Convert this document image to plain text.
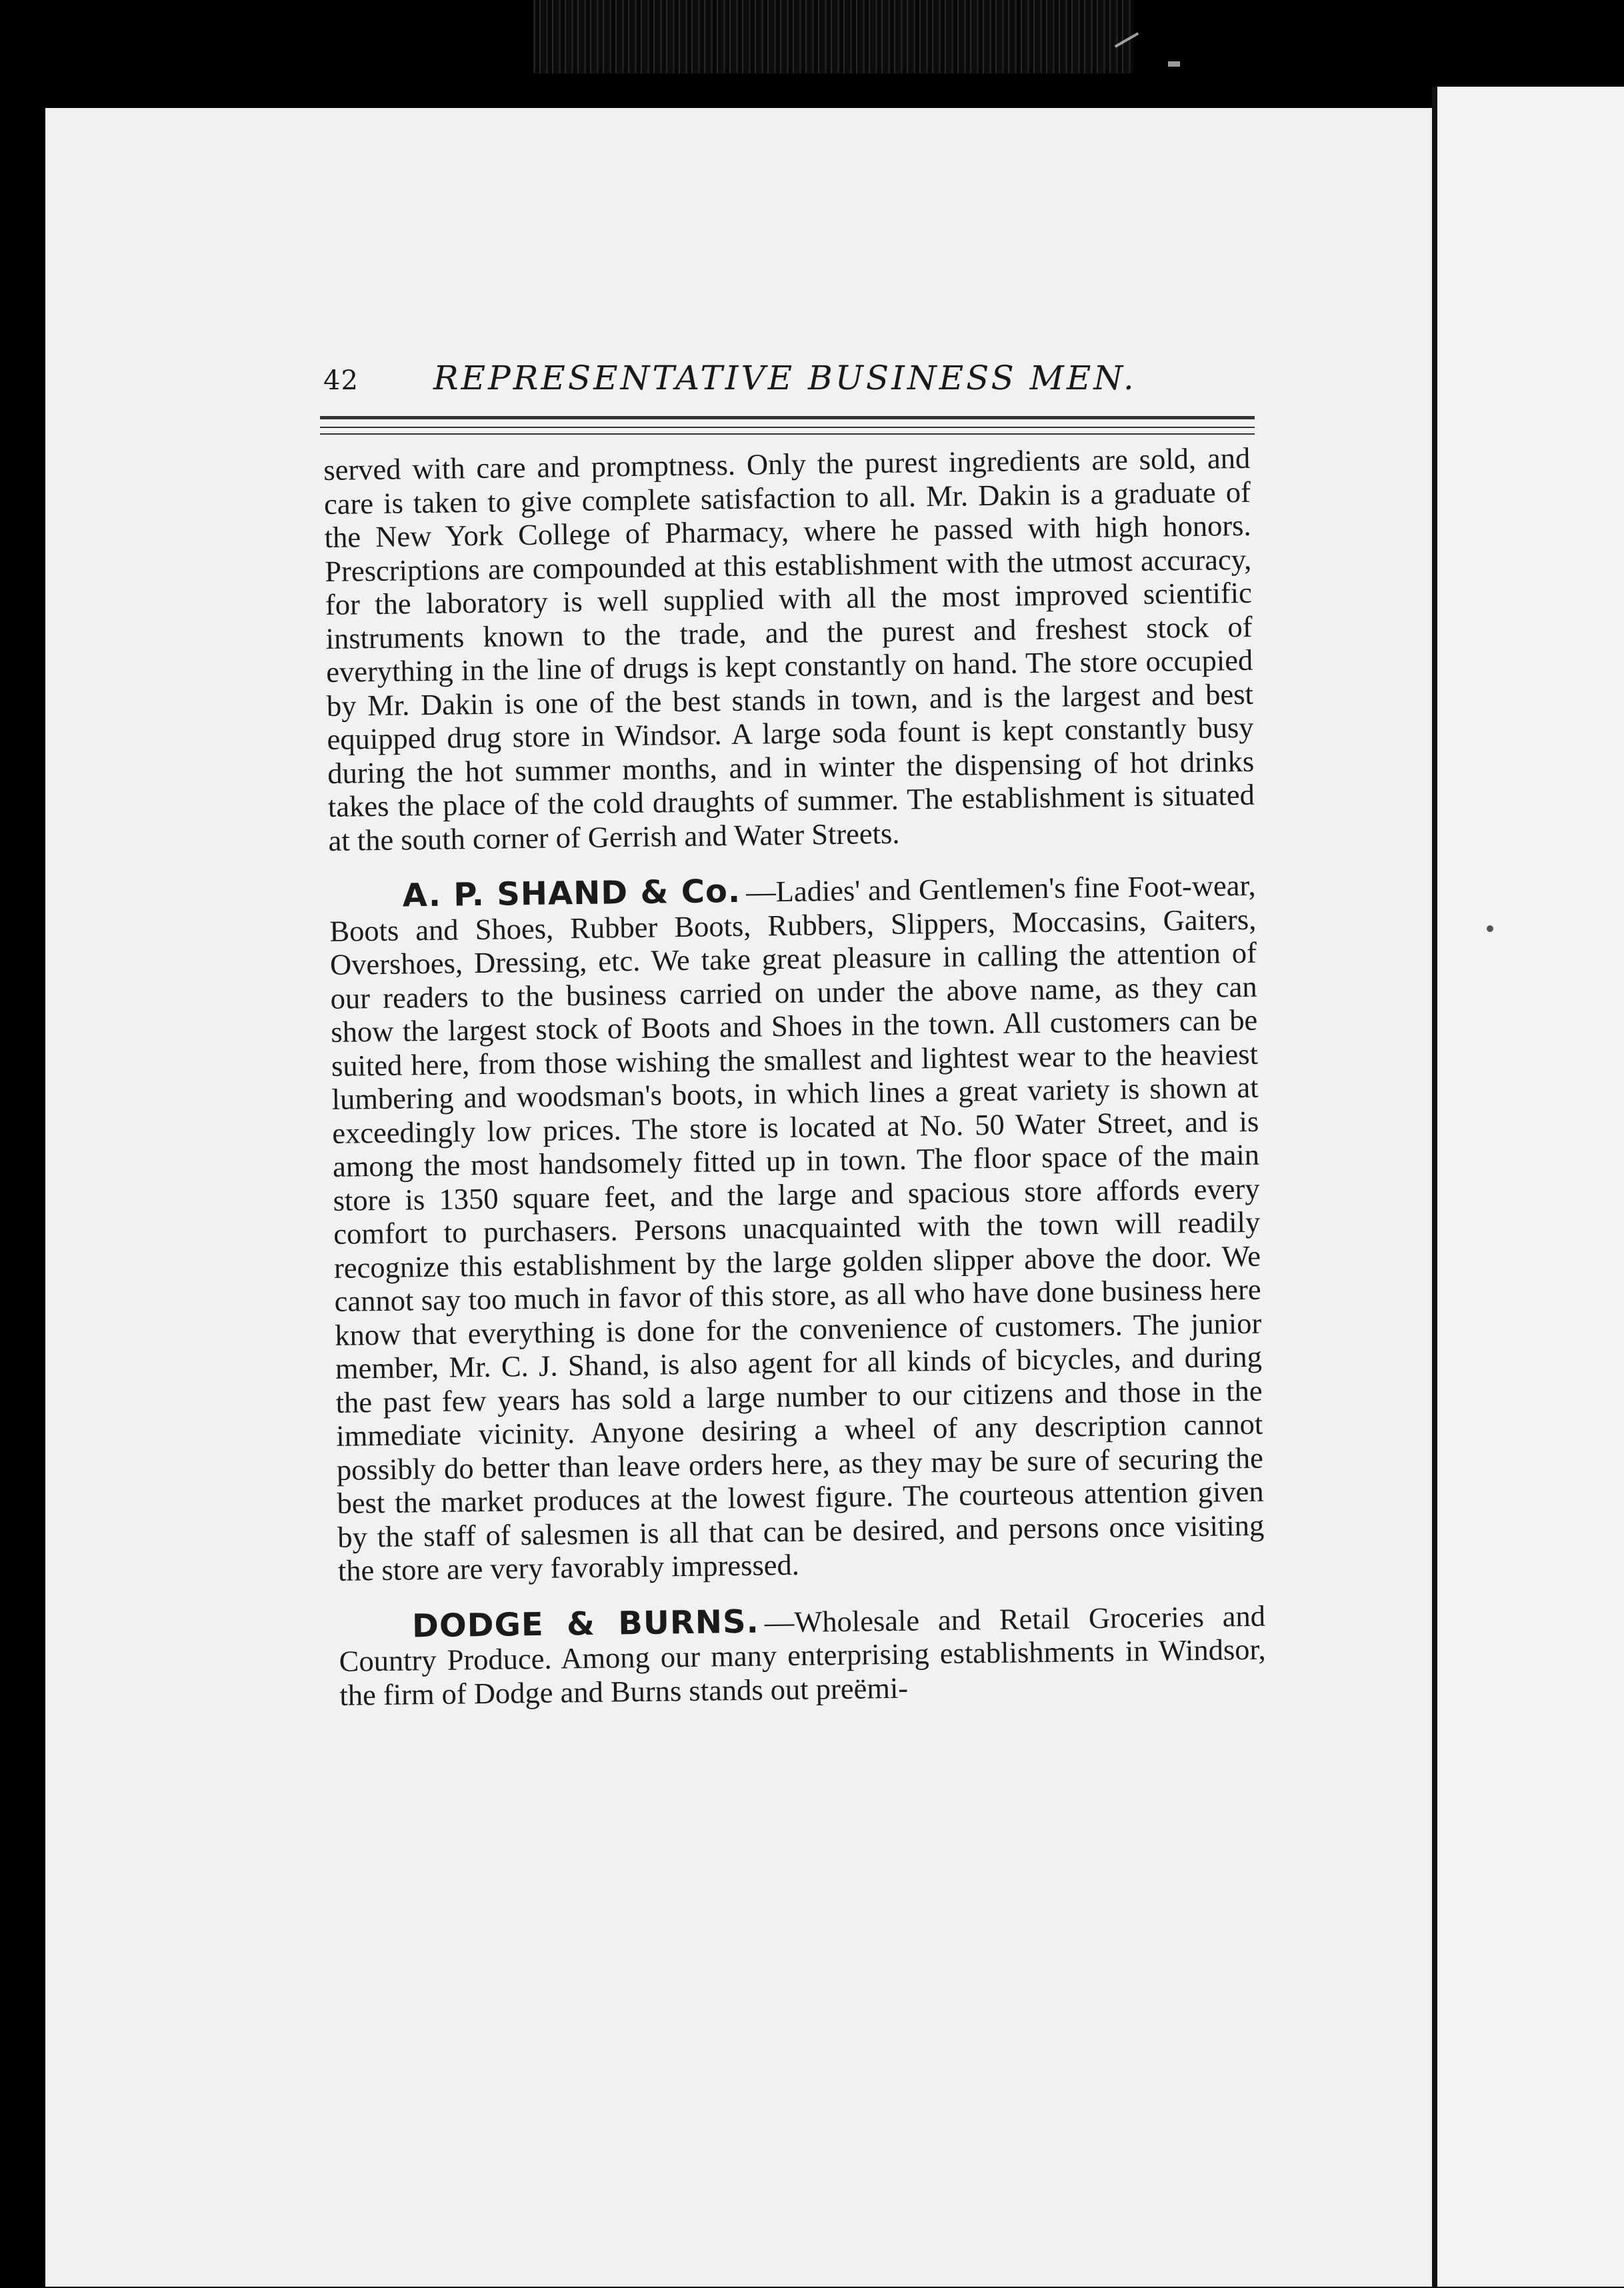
42 REPRESENTATIVE BUSINESS MEN.

served with care and promptness. Only the purest ingredients are sold, and care is taken to give complete satisfaction to all. Mr. Dakin is a graduate of the New York College of Pharmacy, where he passed with high honors. Prescriptions are compounded at this establishment with the utmost accuracy, for the laboratory is well supplied with all the most improved scientific instruments known to the trade, and the purest and freshest stock of everything in the line of drugs is kept constantly on hand. The store occupied by Mr. Dakin is one of the best stands in town, and is the largest and best equipped drug store in Windsor. A large soda fount is kept constantly busy during the hot summer months, and in winter the dispensing of hot drinks takes the place of the cold draughts of summer. The establishment is situated at the south corner of Gerrish and Water Streets.

A. P. SHAND & Co. —Ladies' and Gentlemen's fine Foot-wear, Boots and Shoes, Rubber Boots, Rubbers, Slippers, Moccasins, Gaiters, Overshoes, Dressing, etc. We take great pleasure in calling the attention of our readers to the business carried on under the above name, as they can show the largest stock of Boots and Shoes in the town. All customers can be suited here, from those wishing the smallest and lightest wear to the heaviest lumbering and woodsman's boots, in which lines a great variety is shown at exceedingly low prices. The store is located at No. 50 Water Street, and is among the most handsomely fitted up in town. The floor space of the main store is 1350 square feet, and the large and spacious store affords every comfort to purchasers. Persons unacquainted with the town will readily recognize this establishment by the large golden slipper above the door. We cannot say too much in favor of this store, as all who have done business here know that everything is done for the convenience of customers. The junior member, Mr. C. J. Shand, is also agent for all kinds of bicycles, and during the past few years has sold a large number to our citizens and those in the immediate vicinity. Anyone desiring a wheel of any description cannot possibly do better than leave orders here, as they may be sure of securing the best the market produces at the lowest figure. The courteous attention given by the staff of salesmen is all that can be desired, and persons once visiting the store are very favorably impressed.

DODGE & BURNS. —Wholesale and Retail Groceries and Country Produce. Among our many enterprising establishments in Windsor, the firm of Dodge and Burns stands out preëmi-
